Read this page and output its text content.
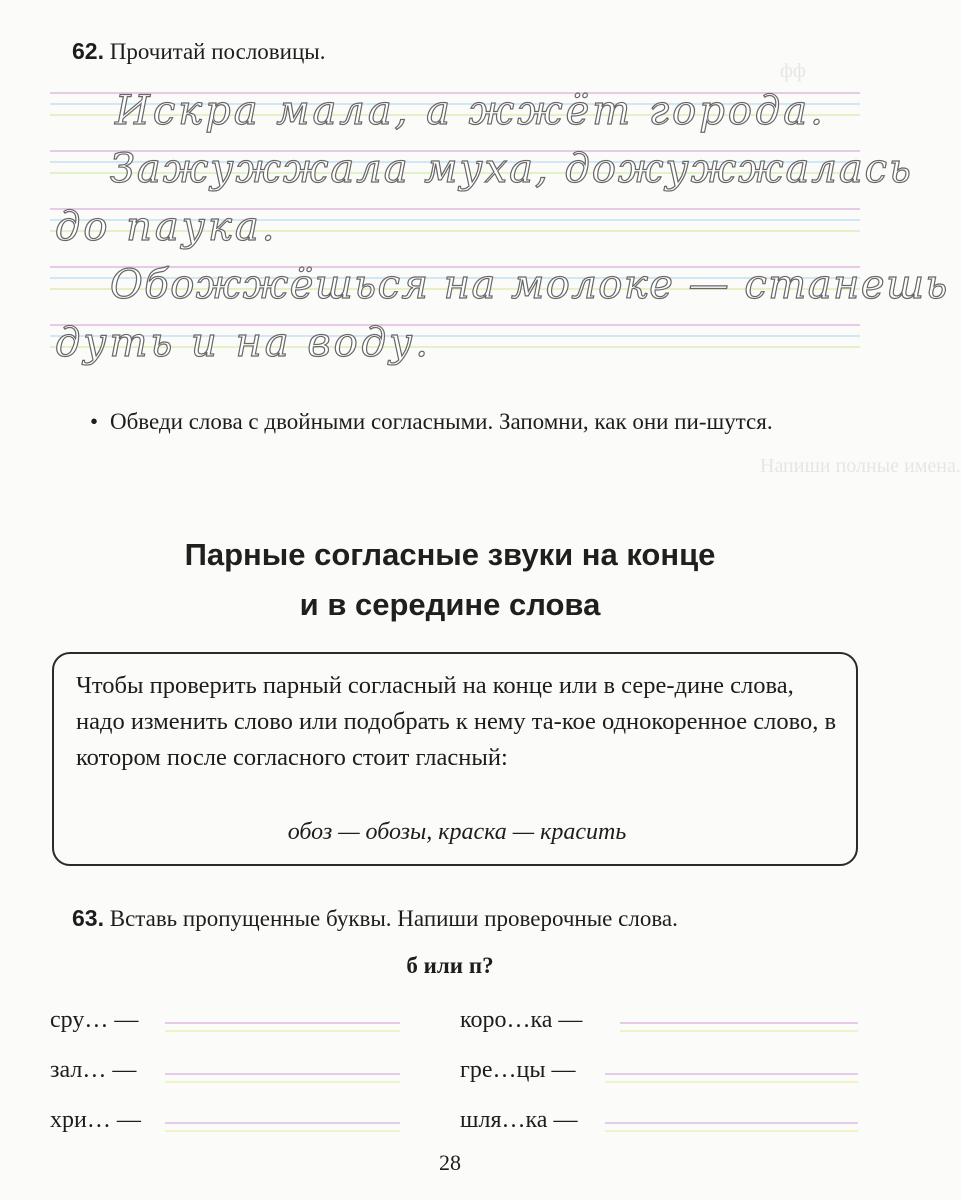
фф
Напиши полные имена.
62. Прочитай пословицы.
Искра мала, а жжёт города.
Зажужжала муха, дожужжалась
до паука.
Обожжёшься на молоке — станешь
дуть и на воду.
• Обведи слова с двойными согласными. Запомни, как они пи-шутся.
Парные согласные звуки на конце
и в середине слова
Чтобы проверить парный согласный на конце или в сере-дине слова, надо изменить слово или подобрать к нему та-кое однокоренное слово, в котором после согласного стоит гласный:
обоз — обозы, краска — красить
63. Вставь пропущенные буквы. Напиши проверочные слова.
б или п?
сру… —
зал… —
хри… —
коро…ка —
гре…цы —
шля…ка —
28
